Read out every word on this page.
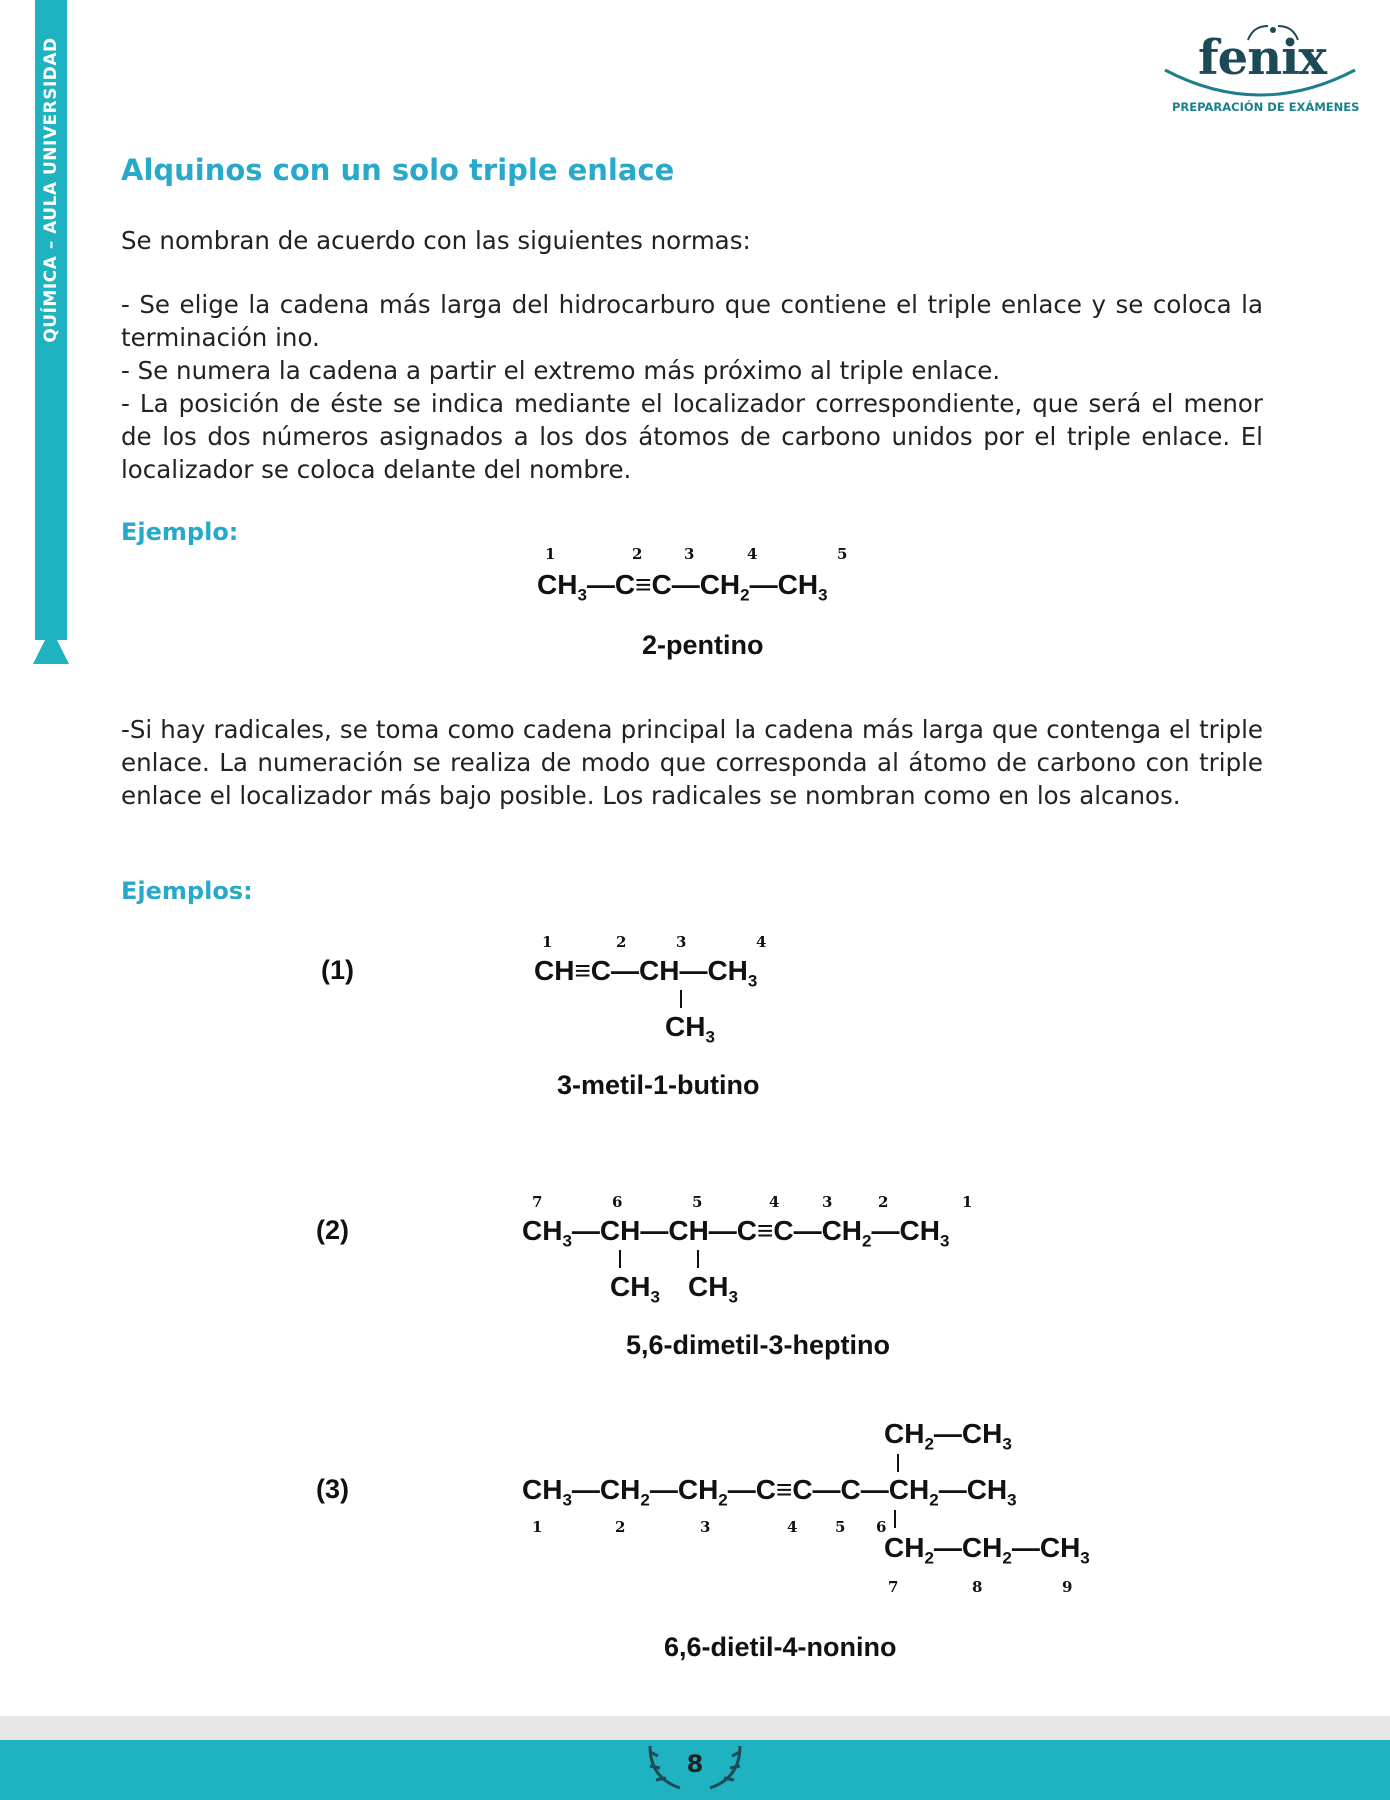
QUÍMICA – AULA UNIVERSIDAD	fenix
PREPARACIÓN DE EXÁMENES
Alquinos con un solo triple enlace

Se nombran de acuerdo con las siguientes normas:

- Se elige la cadena más larga del hidrocarburo que contiene el triple enlace y se coloca la terminación ino.

- Se numera la cadena a partir el extremo más próximo al triple enlace.

- La posición de éste se indica mediante el localizador correspondiente, que será el menor de los dos números asignados a los dos átomos de carbono unidos por el triple enlace. El localizador se coloca delante del nombre.

Ejemplo:
1	2	3	4	5
$CH_3—C\equiv C—CH_2—CH_3$
2-pentino

-Si hay radicales, se toma como cadena principal la cadena más larga que contenga el triple enlace. La numeración se realiza de modo que corresponda al átomo de carbono con triple enlace el localizador más bajo posible. Los radicales se nombran como en los alcanos.

Ejemplos:
(1)
1	2	3	4
$CH\equiv C—CH—CH_3$
$CH_3$
3-metil-1-butino
(2)
7	6	5	4	3	2	1
$CH_3—CH—CH—C\equiv C—CH_2—CH_3$
$CH_3$ $CH_3$
5,6-dimetil-3-heptino
(3)
$CH_2—CH_3$
$CH_3—CH_2—CH_2—C\equiv C—C—CH_2—CH_3$
1	2	3	4	5 6
$CH_2—CH_2—CH_3$
7	8	9
6,6-dietil-4-nonino
8
